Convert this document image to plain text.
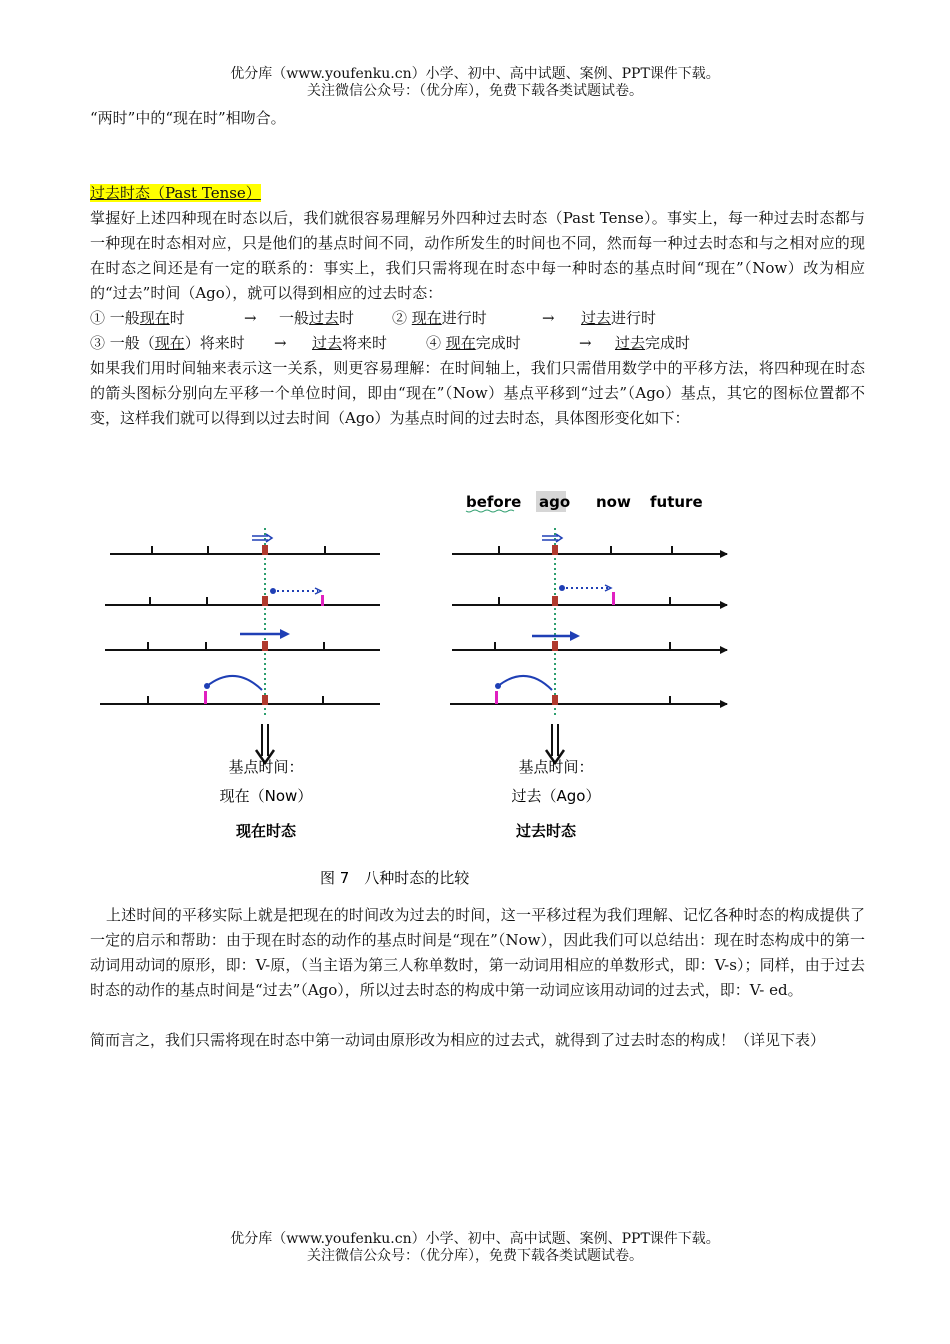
优分库（www.youfenku.cn）小学、初中、高中试题、案例、PPT课件下载。
关注微信公众号：（优分库），免费下载各类试题试卷。

“两时”中的“现在时”相吻合。

过去时态（Past Tense）

掌握好上述四种现在时态以后，我们就很容易理解另外四种过去时态（Past Tense）。事实上，每一种过去时态都与一种现在时态相对应，只是他们的基点时间不同，动作所发生的时间也不同，然而每一种过去时态和与之相对应的现在时态之间还是有一定的联系的：事实上，我们只需将现在时态中每一种时态的基点时间“现在”（Now）改为相应的“过去”时间（Ago），就可以得到相应的过去时态：

① 一般现在时	→ 一般过去时	② 现在进行时	→ 过去进行时
③ 一般（现在）将来时 → 过去将来时	④ 现在完成时	→ 过去完成时

如果我们用时间轴来表示这一关系，则更容易理解：在时间轴上，我们只需借用数学中的平移方法，将四种现在时态的箭头图标分别向左平移一个单位时间，即由“现在”（Now）基点平移到“过去”（Ago）基点，其它的图标位置都不变，这样我们就可以得到以过去时间（Ago）为基点时间的过去时态，具体图形变化如下：

before ago now future
基点时间：
现在（Now）
现在时态
基点时间：
过去（Ago）
过去时态
图 7　八种时态的比较

上述时间的平移实际上就是把现在的时间改为过去的时间，这一平移过程为我们理解、记忆各种时态的构成提供了一定的启示和帮助：由于现在时态的动作的基点时间是“现在”（Now），因此我们可以总结出：现在时态构成中的第一动词用动词的原形，即：V-原，（当主语为第三人称单数时，第一动词用相应的单数形式，即：V-s）；同样，由于过去时态的动作的基点时间是“过去”（Ago），所以过去时态的构成中第一动词应该用动词的过去式，即：V- ed。

简而言之，我们只需将现在时态中第一动词由原形改为相应的过去式，就得到了过去时态的构成！（详见下表）

优分库（www.youfenku.cn）小学、初中、高中试题、案例、PPT课件下载。
关注微信公众号：（优分库），免费下载各类试题试卷。
